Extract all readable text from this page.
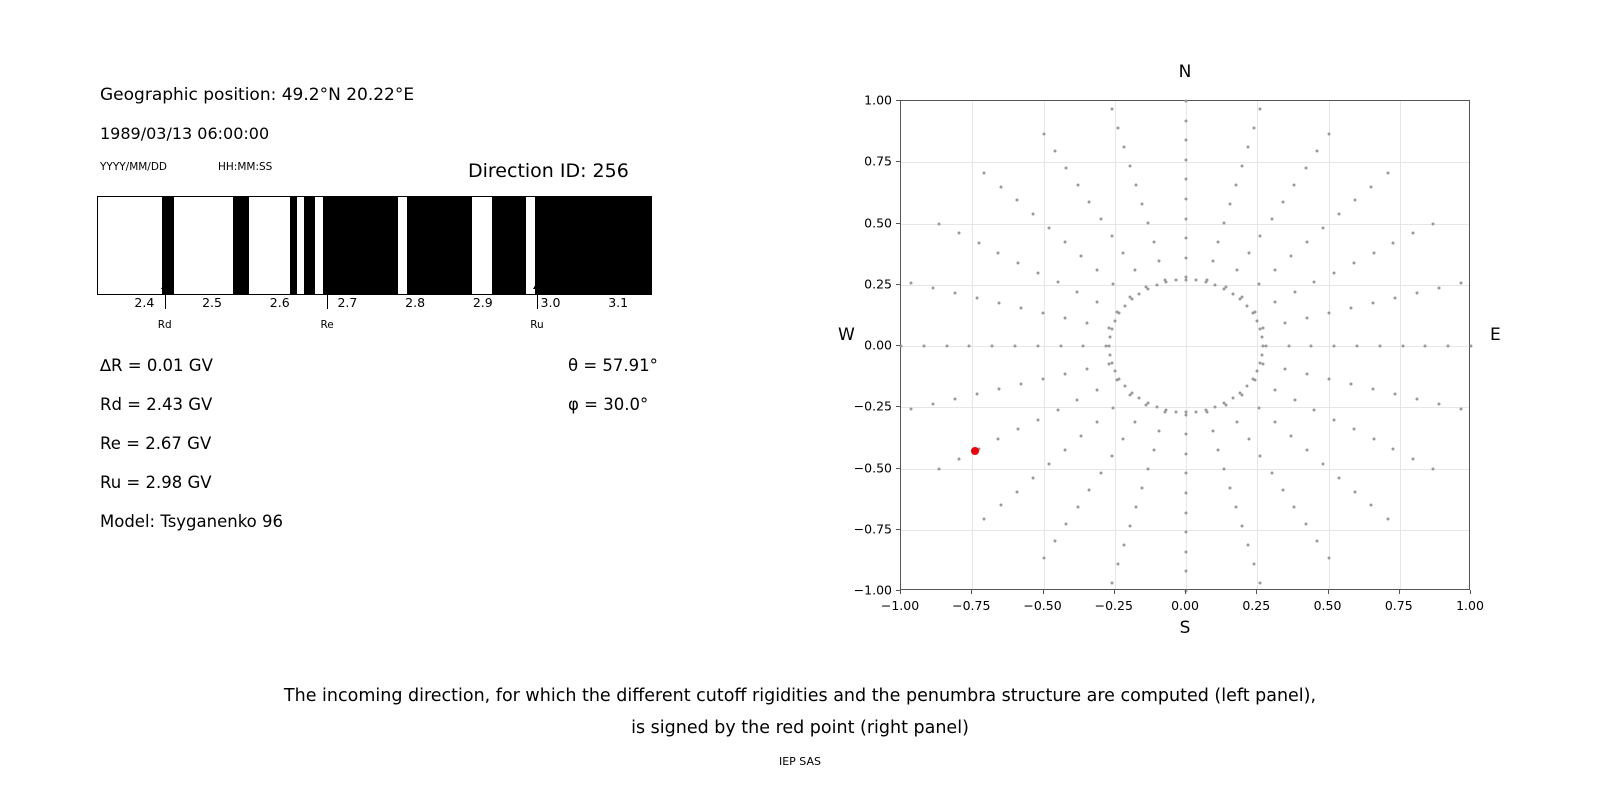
Geographic position: 49.2°N 20.22°E
1989/03/13 06:00:00
YYYY/MM/DD	HH:MM:SS	Direction ID: 256
2.4	2.5	2.6	2.7	2.8	2.9	3.0	3.1
Rd	Re	Ru
∆R = 0.01 GV
Rd = 2.43 GV
Re = 2.67 GV
Ru = 2.98 GV
Model: Tsyganenko 96
θ = 57.91°
φ = 30.0°
N
S
W	E
−1.00	−0.75	−0.50	−0.25	0.00	0.25	0.50	0.75	1.00
−1.00
−0.75
−0.50
−0.25
0.00
0.25
0.50
0.75
1.00
The incoming direction, for which the different cutoff rigidities and the penumbra structure are computed (left panel),
is signed by the red point (right panel)
IEP SAS
